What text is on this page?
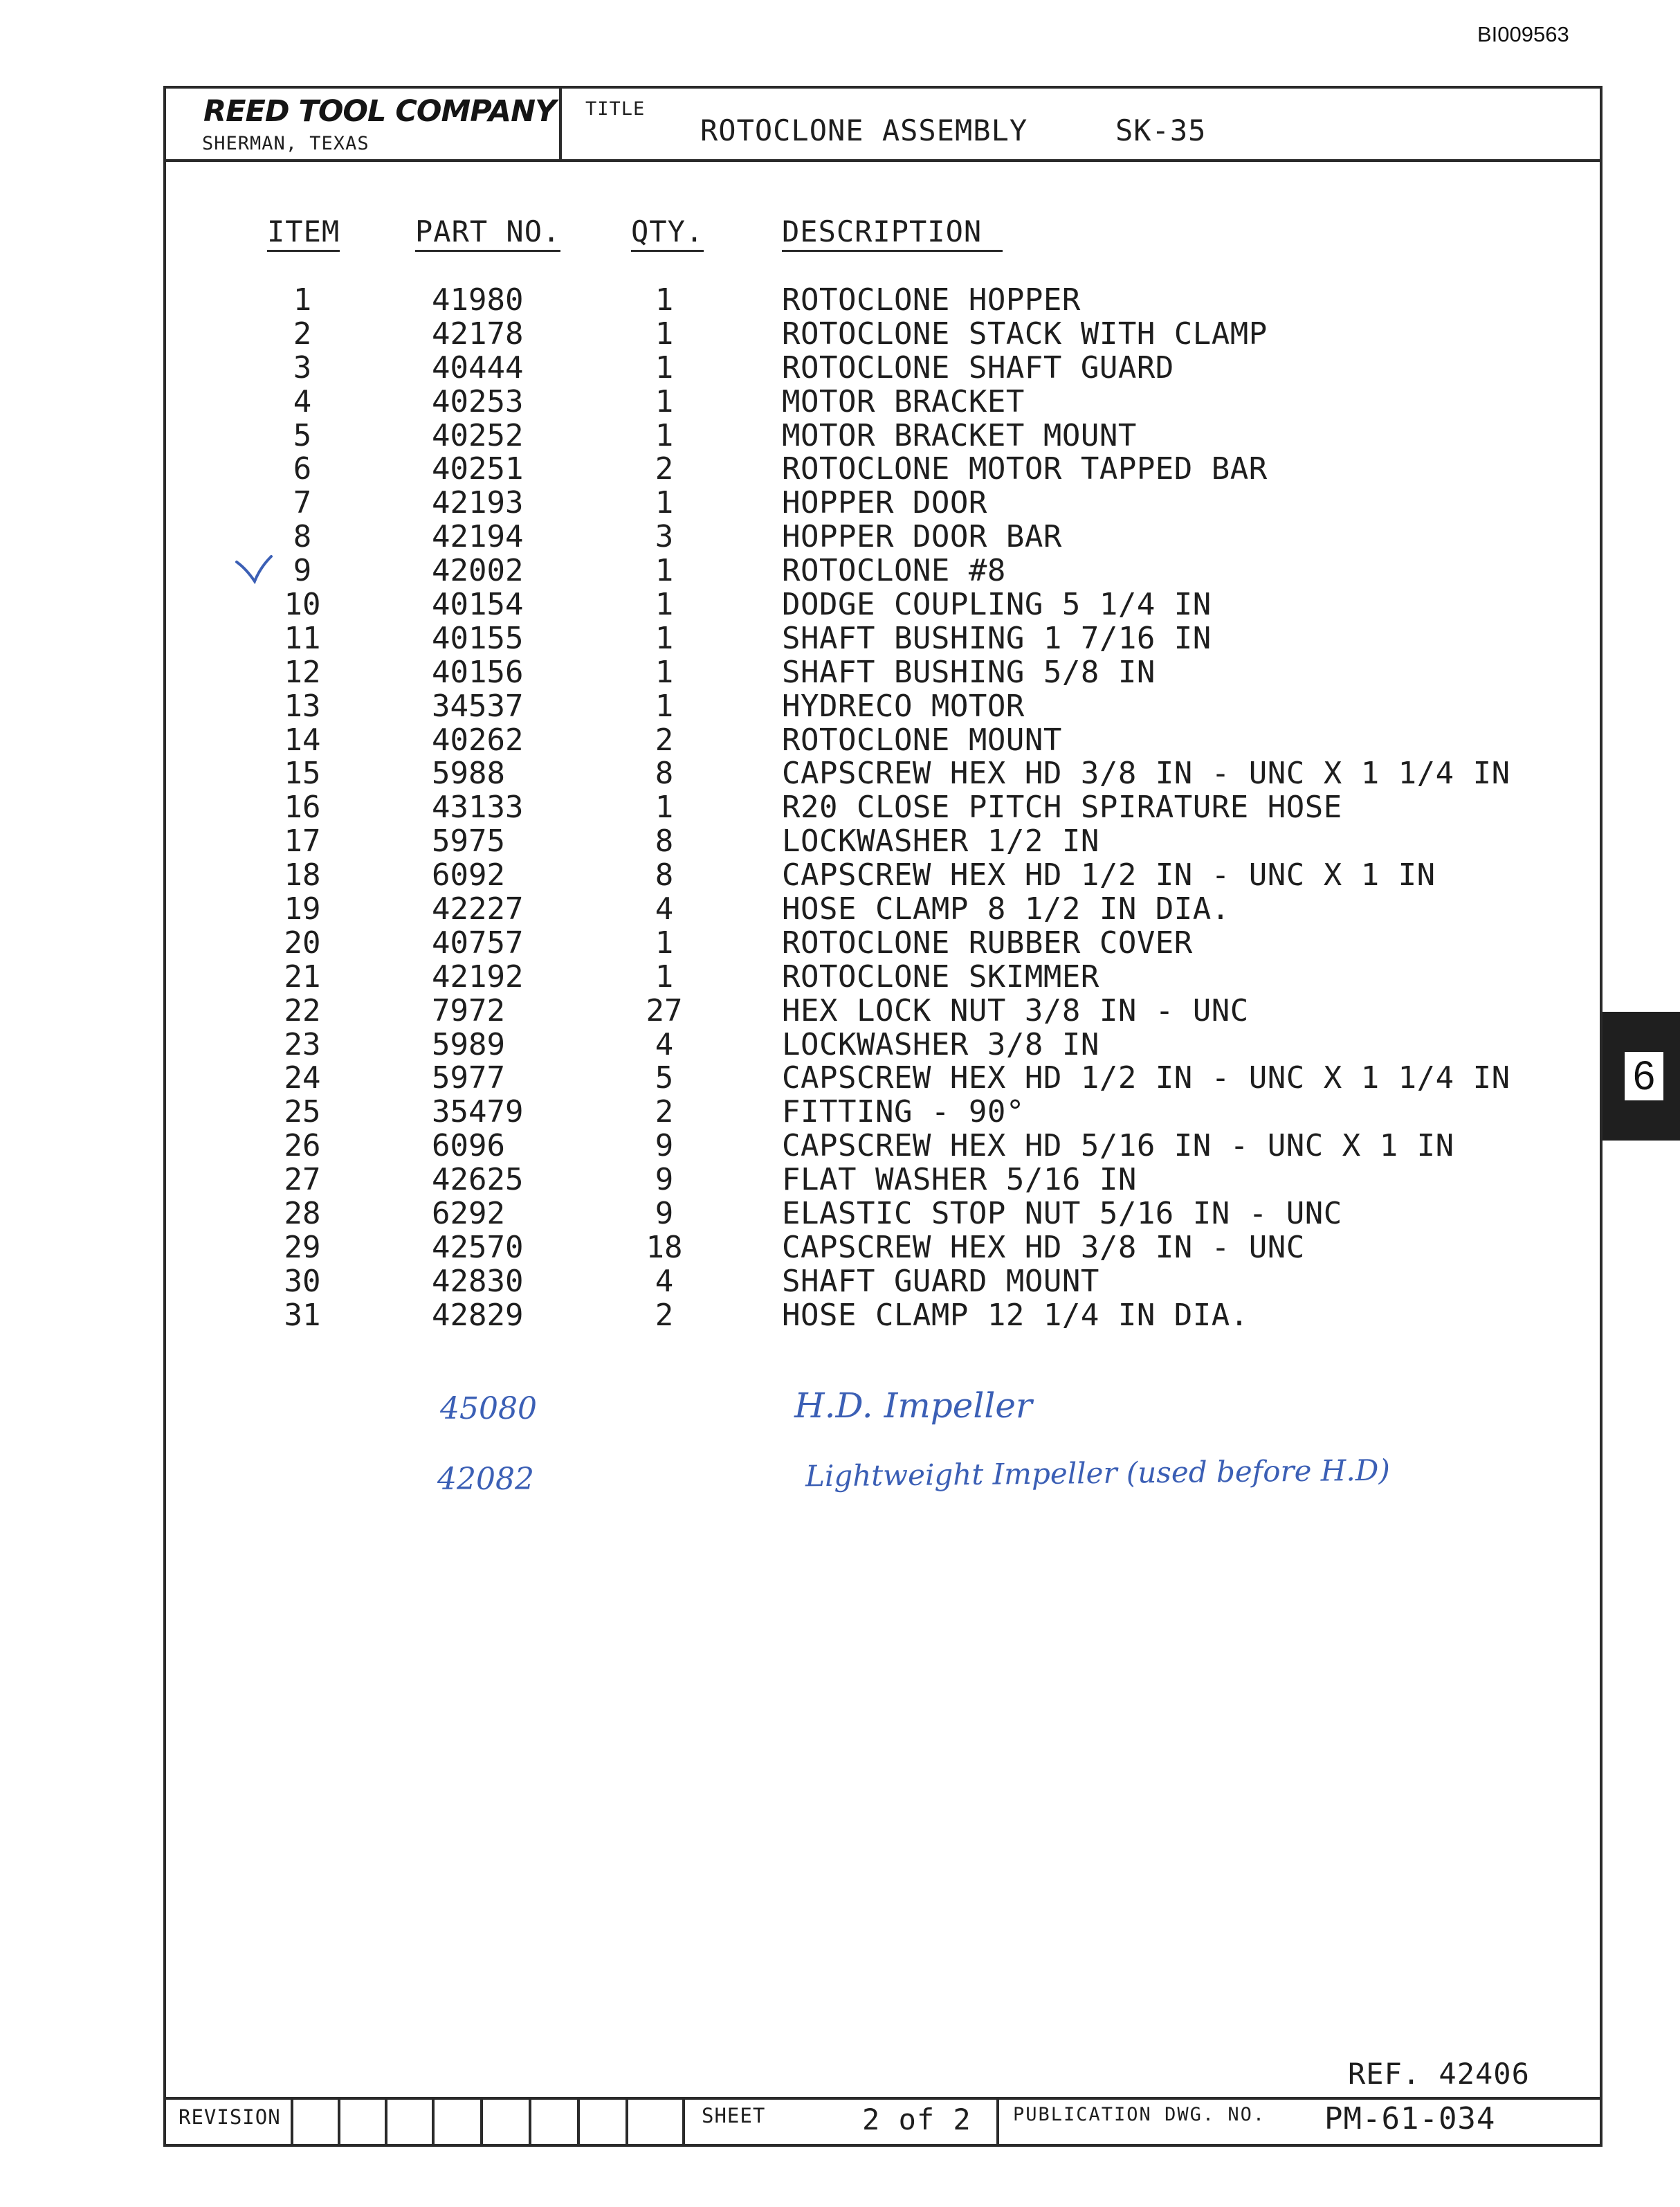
BI009563
REED TOOL COMPANY
SHERMAN, TEXAS
TITLE
ROTOCLONE ASSEMBLY	SK-35
ITEM	PART NO. QTY.	DESCRIPTION
1	41980	1	ROTOCLONE HOPPER
2	42178	1	ROTOCLONE STACK WITH CLAMP
3	40444	1	ROTOCLONE SHAFT GUARD
4	40253	1	MOTOR BRACKET
5	40252	1	MOTOR BRACKET MOUNT
6	40251	2	ROTOCLONE MOTOR TAPPED BAR
7	42193	1	HOPPER DOOR
8	42194	3	HOPPER DOOR BAR
9	42002	1	ROTOCLONE #8
10	40154	1	DODGE COUPLING 5 1/4 IN
11	40155	1	SHAFT BUSHING 1 7/16 IN
12	40156	1	SHAFT BUSHING 5/8 IN
13	34537	1	HYDRECO MOTOR
14	40262	2	ROTOCLONE MOUNT
15	5988	8	CAPSCREW HEX HD 3/8 IN - UNC X 1 1/4 IN
16	43133	1	R20 CLOSE PITCH SPIRATURE HOSE
17	5975	8	LOCKWASHER 1/2 IN
18	6092	8	CAPSCREW HEX HD 1/2 IN - UNC X 1 IN
19	42227	4	HOSE CLAMP 8 1/2 IN DIA.
20	40757	1	ROTOCLONE RUBBER COVER
21	42192	1	ROTOCLONE SKIMMER
22	7972	27	HEX LOCK NUT 3/8 IN - UNC
23	5989	4	LOCKWASHER 3/8 IN
24	5977	5	CAPSCREW HEX HD 1/2 IN - UNC X 1 1/4 IN
25	35479	2	FITTING - 90°
26	6096	9	CAPSCREW HEX HD 5/16 IN - UNC X 1 IN
27	42625	9	FLAT WASHER 5/16 IN
28	6292	9	ELASTIC STOP NUT 5/16 IN - UNC
29	42570	18	CAPSCREW HEX HD 3/8 IN - UNC
30	42830	4	SHAFT GUARD MOUNT
31	42829	2	HOSE CLAMP 12 1/4 IN DIA.
45080	H.D. Impeller
42082	Lightweight Impeller (used before H.D)
6
REF. 42406
REVISION	SHEET	2 of 2 PUBLICATION DWG. NO. PM-61-034
